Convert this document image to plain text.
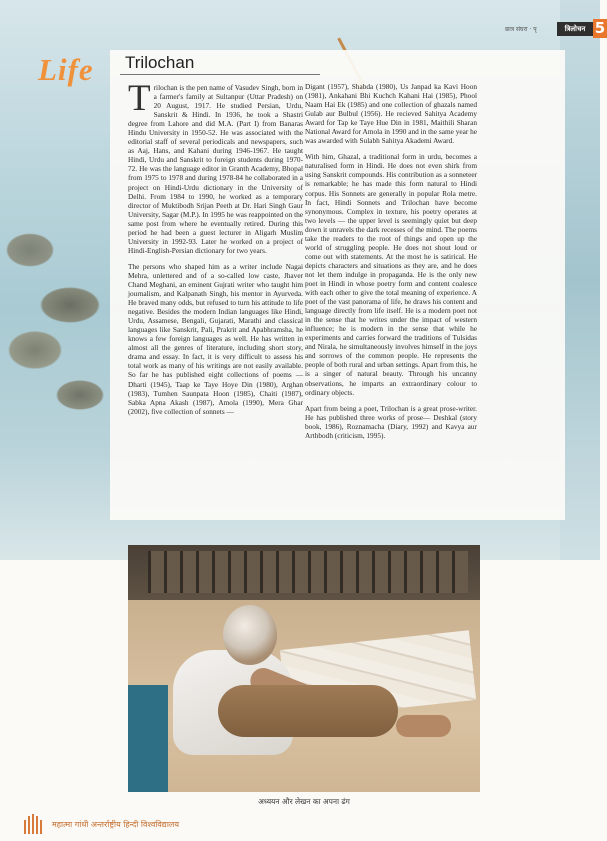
छात्र संघरा · पृ	त्रिलोचन 5
Life Trilochan

Trilochan is the pen name of Vasudev Singh, born in a farmer's family at Sultanpur (Uttar Pradesh) on 20 August, 1917. He studied Persian, Urdu, Sanskrit & Hindi. In 1936, he took a Shastri degree from Lahore and did M.A. (Part I) from Banaras Hindu University in 1950-52. He was associated with the editorial staff of several periodicals and newspapers, such as Aaj, Hans, and Kahani during 1946-1967. He taught Hindi, Urdu and Sanskrit to foreign students during 1970-72. He was the language editor in Granth Academy, Bhopal from 1975 to 1978 and during 1978-84 he collaborated in a project on Hindi-Urdu dictionary in the University of Delhi. From 1984 to 1990, he worked as a temporary director of Muktibodh Srijan Peeth at Dr. Hari Singh Gaur University, Sagar (M.P.). In 1995 he was reappointed on the same post from where he eventually retired. During this period he had been a guest lecturer in Aligarh Muslim University in 1992-93. Later he worked on a project of Hindi-English-Persian dictionary for two years.

The persons who shaped him as a writer include Nagai Mehra, unlettered and of a so-called low caste, Jhaver Chand Meghani, an eminent Gujrati writer who taught him journalism, and Kalpanath Singh, his mentor in Ayurveda. He braved many odds, but refused to turn his attitude to life negative. Besides the modern Indian languages like Hindi, Urdu, Assamese, Bengali, Gujarati, Marathi and classical languages like Sanskrit, Pali, Prakrit and Apabhramsha, he knows a few foreign languages as well. He has written in almost all the genres of literature, including short story, drama and essay. In fact, it is very difficult to assess his total work as many of his writings are not easily available. So far he has published eight collections of poems — Dharti (1945), Taap ke Taye Hoye Din (1980), Arghan (1983), Tumhen Saunpata Hoon (1985), Chaiti (1987), Sabka Apna Akash (1987), Amola (1990), Mera Ghar (2002), five collection of sonnets —

Digant (1957), Shabda (1980), Us Janpad ka Kavi Hoon (1981), Ankahani Bhi Kuchch Kahani Hai (1985), Phool Naam Hai Ek (1985) and one collection of ghazals named Gulab aur Bulbul (1956). He recieved Sahitya Academy Award for Tap ke Taye Hue Din in 1981, Maithili Sharan National Award for Amola in 1990 and in the same year he was awarded with Sulabh Sahitya Akademi Award.

With him, Ghazal, a traditional form in urdu, becomes a naturalised form in Hindi. He does not even shirk from using Sanskrit compounds. His contribution as a sonneteer is remarkable; he has made this form natural to Hindi corpus. His Sonnets are generally in popular Rola metre. In fact, Hindi Sonnets and Trilochan have become synonymous. Complex in texture, his poetry operates at two levels — the upper level is seemingly quiet but deep down it unravels the dark recesses of the mind. The poems take the readers to the root of things and open up the world of struggling people. He does not shout loud or come out with statements. At the most he is satirical. He depicts characters and situations as they are, and he does not let them indulge in propaganda. He is the only new poet in Hindi in whose poetry form and content coalesce with each other to give the total meaning of experience. A poet of the vast panorama of life, he draws his content and language directly from life itself. He is a modern poet not in the sense that he writes under the impact of western influence; he is modern in the sense that while he experiments and carries forward the traditions of Tulsidas and Nirala, he simultaneously involves himself in the joys and sorrows of the common people. He represents the people of both rural and urban settings. Apart from this, he is a singer of natural beauty. Through his uncanny observations, he imparts an extraordinary colour to ordinary objects.

Apart from being a poet, Trilochan is a great prose-writer. He has published three works of prose— Deshkal (story book, 1986), Roznamacha (Diary, 1992) and Kavya aur Arthbodh (criticism, 1995).

अध्ययन और लेखन का अपना ढंग
महात्मा गांधी अन्तर्राष्ट्रीय हिन्दी विश्वविद्यालय
